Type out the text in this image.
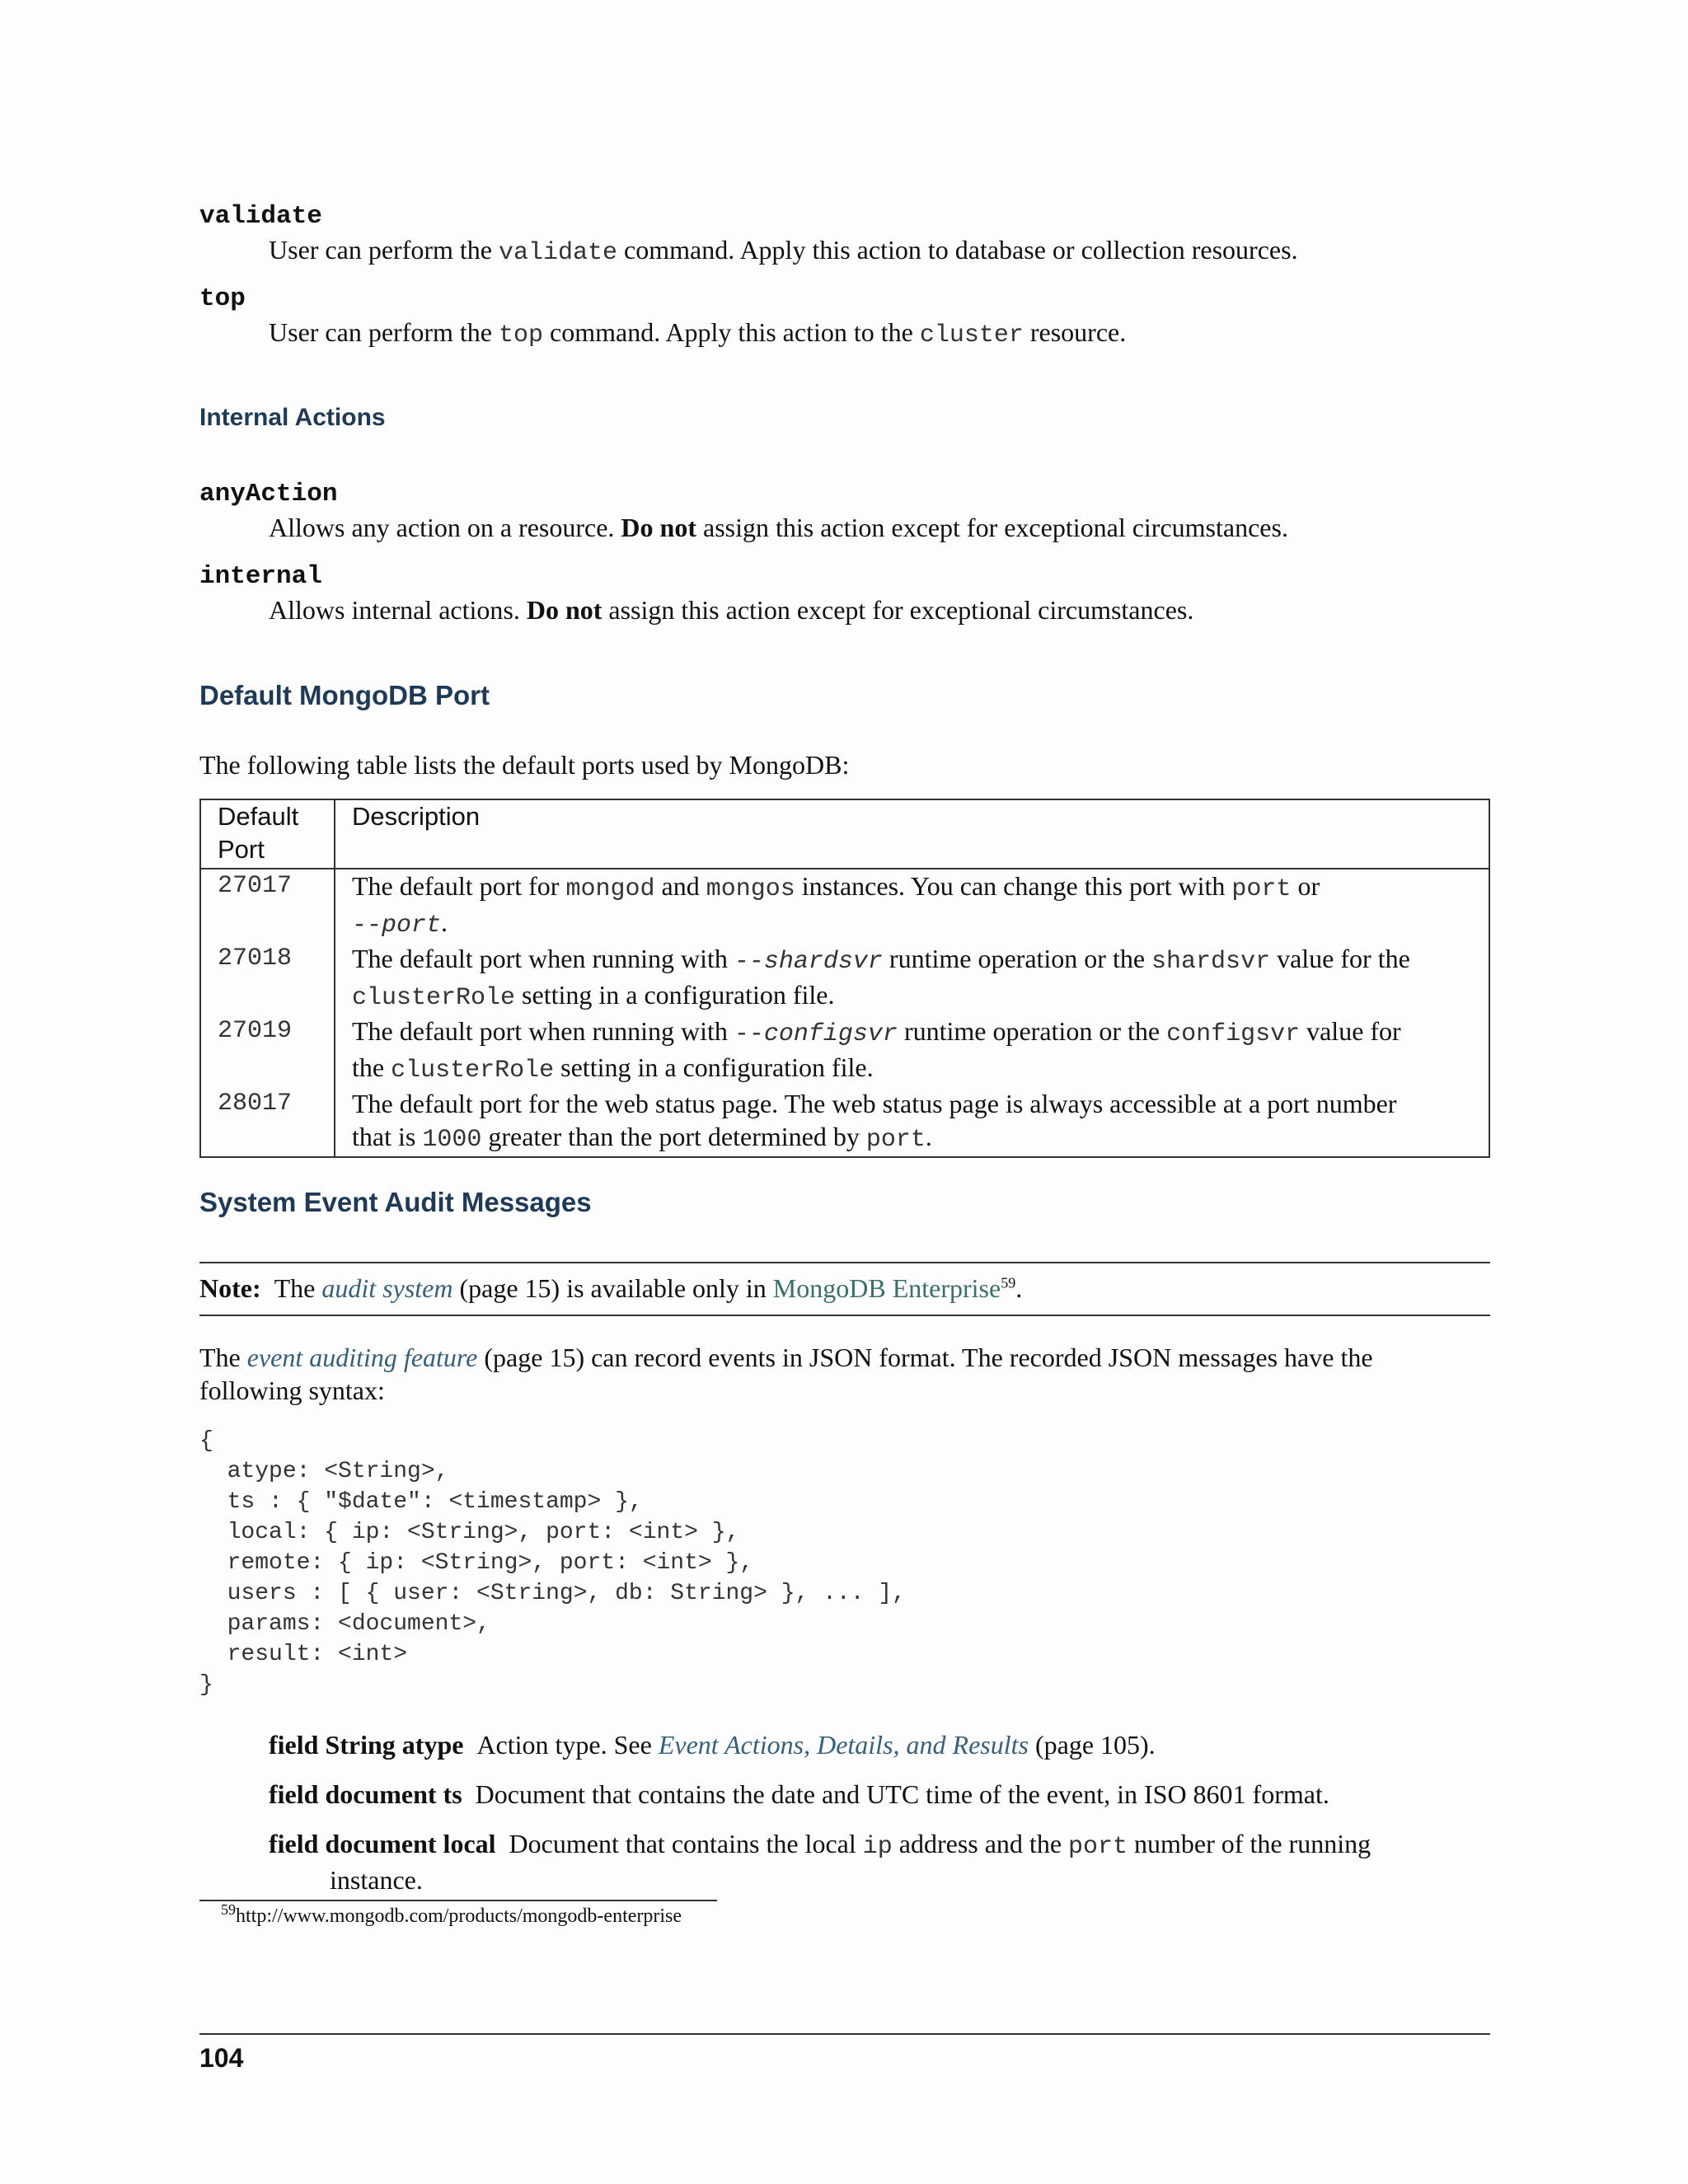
validate
User can perform the validate command. Apply this action to database or collection resources.
top
User can perform the top command. Apply this action to the cluster resource.
Internal Actions
anyAction
Allows any action on a resource. Do not assign this action except for exceptional circumstances.
internal
Allows internal actions. Do not assign this action except for exceptional circumstances.
Default MongoDB Port
The following table lists the default ports used by MongoDB:
Default
Port	Description
27017	The default port for mongod and mongos instances. You can change this port with port or
--port.
27018	The default port when running with --shardsvr runtime operation or the shardsvr value for the
clusterRole setting in a configuration file.
27019	The default port when running with --configsvr runtime operation or the configsvr value for
the clusterRole setting in a configuration file.
28017	The default port for the web status page. The web status page is always accessible at a port number
that is 1000 greater than the port determined by port.
System Event Audit Messages
Note: The audit system (page 15) is available only in MongoDB Enterprise$^{59}$.
The event auditing feature (page 15) can record events in JSON format. The recorded JSON messages have the
following syntax:
{
atype: <String>,
ts : { "$date": <timestamp> },
local: { ip: <String>, port: <int> },
remote: { ip: <String>, port: <int> },
users : [ { user: <String>, db: String> }, ... ],
params: <document>,
result: <int>
}
field String atype Action type. See Event Actions, Details, and Results (page 105).
field document ts Document that contains the date and UTC time of the event, in ISO 8601 format.
field document local Document that contains the local ip address and the port number of the running
instance.
$^{59}$http://www.mongodb.com/products/mongodb-enterprise
104
